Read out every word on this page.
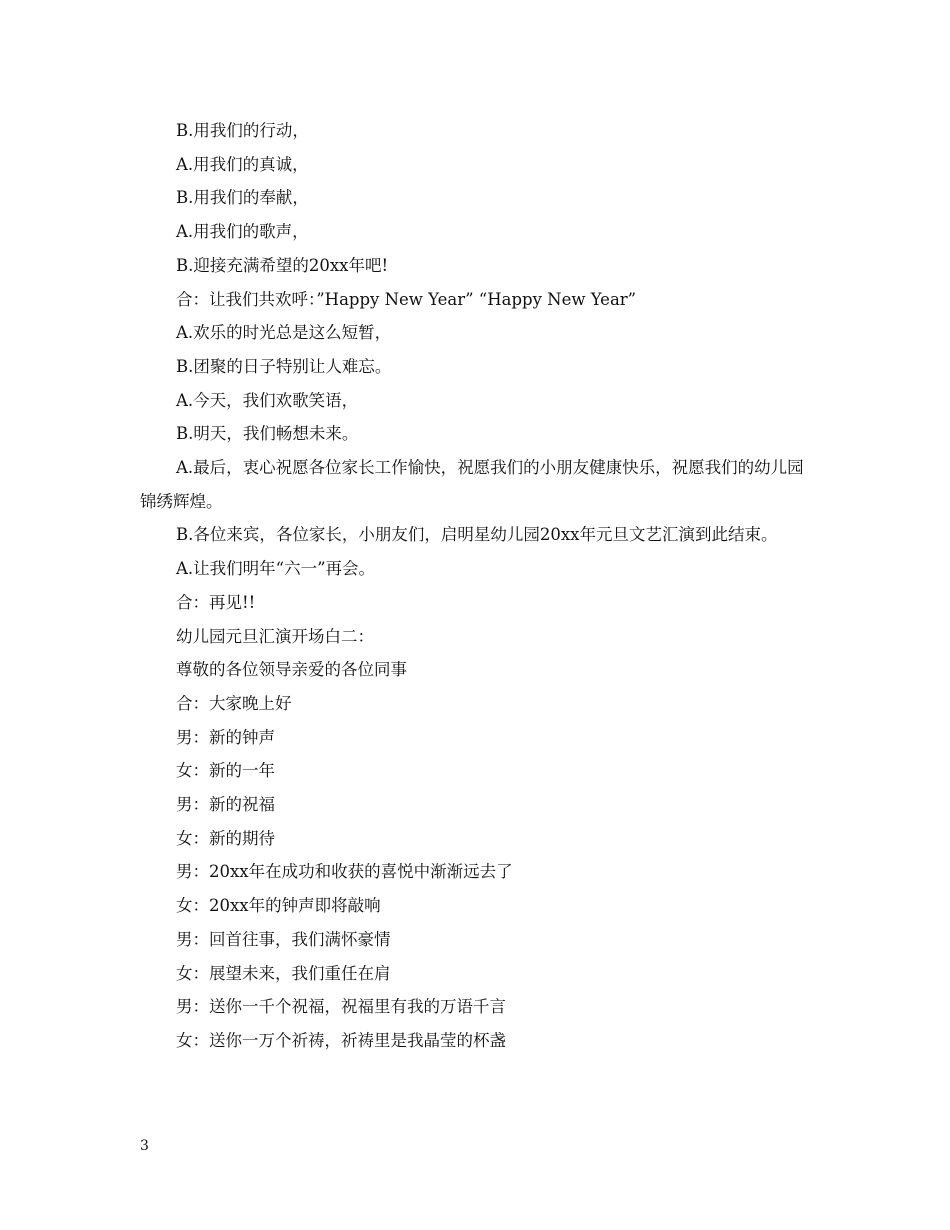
B.用我们的行动，

A.用我们的真诚，

B.用我们的奉献，

A.用我们的歌声，

B.迎接充满希望的20xx年吧!

合：让我们共欢呼：”Happy New Year” “Happy New Year”

A.欢乐的时光总是这么短暂，

B.团聚的日子特别让人难忘。

A.今天，我们欢歌笑语，

B.明天，我们畅想未来。

A.最后，衷心祝愿各位家长工作愉快，祝愿我们的小朋友健康快乐，祝愿我们的幼儿园锦绣辉煌。

B.各位来宾，各位家长，小朋友们，启明星幼儿园20xx年元旦文艺汇演到此结束。

A.让我们明年“六一”再会。

合：再见!!

幼儿园元旦汇演开场白二：

尊敬的各位领导亲爱的各位同事

合：大家晚上好

男：新的钟声

女：新的一年

男：新的祝福

女：新的期待

男：20xx年在成功和收获的喜悦中渐渐远去了

女：20xx年的钟声即将敲响

男：回首往事，我们满怀豪情

女：展望未来，我们重任在肩

男：送你一千个祝福，祝福里有我的万语千言

女：送你一万个祈祷，祈祷里是我晶莹的杯盏

3
